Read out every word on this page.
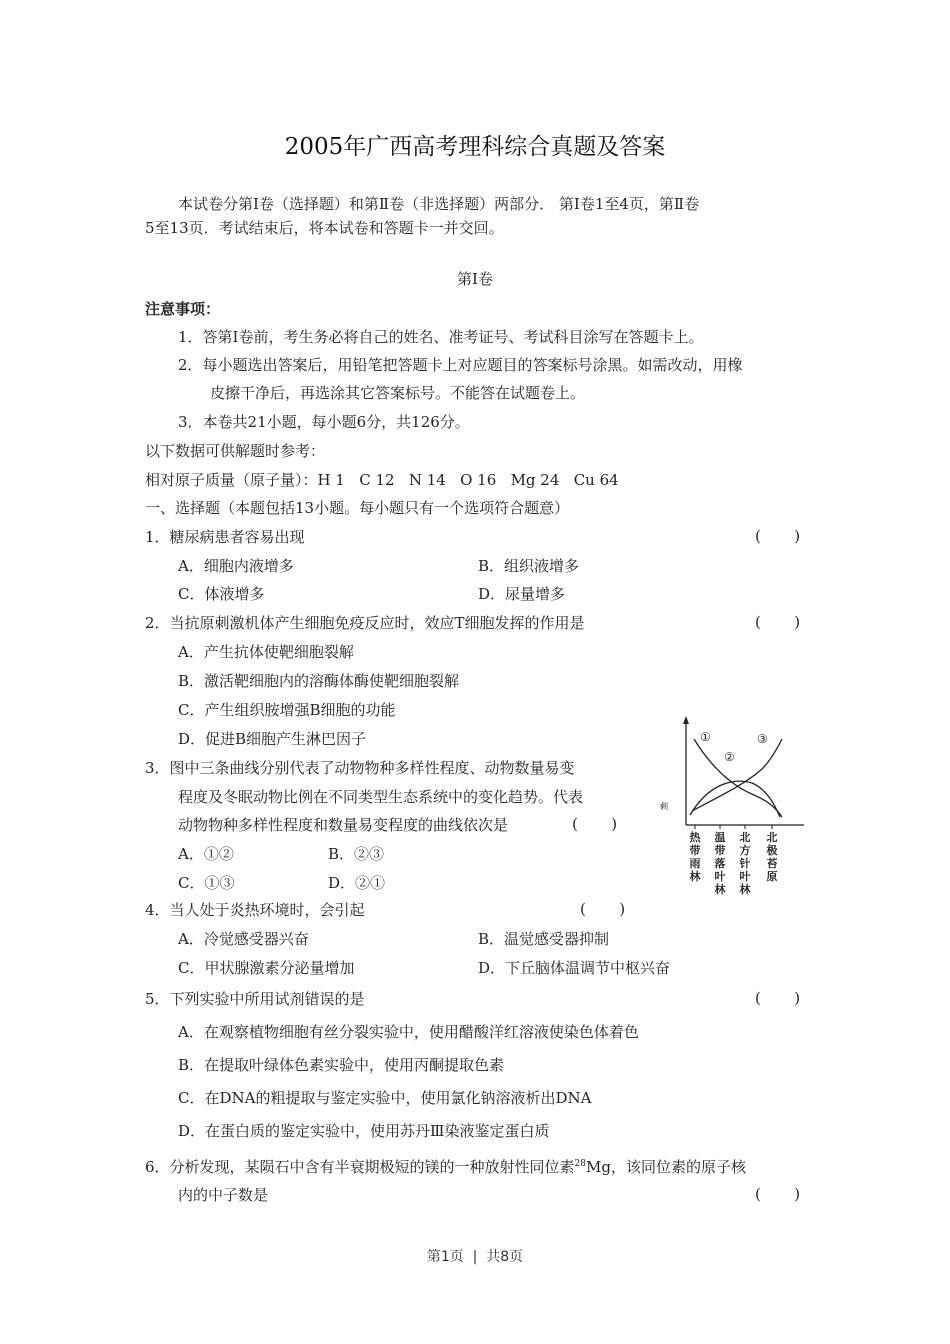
2005年广西高考理科综合真题及答案
本试卷分第Ⅰ卷（选择题）和第Ⅱ卷（非选择题）两部分． 第Ⅰ卷1至4页，第Ⅱ卷
5至13页．考试结束后，将本试卷和答题卡一并交回。
第Ⅰ卷
注意事项：
1．答第Ⅰ卷前，考生务必将自己的姓名、准考证号、考试科目涂写在答题卡上。
2．每小题选出答案后，用铅笔把答题卡上对应题目的答案标号涂黑。如需改动，用橡
皮擦干净后，再选涂其它答案标号。不能答在试题卷上。
3．本卷共21小题，每小题6分，共126分。
以下数据可供解题时参考：
相对原子质量（原子量）：H 1   C 12   N 14   O 16   Mg 24   Cu 64
一、选择题（本题包括13小题。每小题只有一个选项符合题意）
1．糖尿病患者容易出现	(       )
A．细胞内液增多	B．组织液增多
C．体液增多	D．尿量增多
2．当抗原刺激机体产生细胞免疫反应时，效应T细胞发挥的作用是	(       )
A．产生抗体使靶细胞裂解
B．激活靶细胞内的溶酶体酶使靶细胞裂解
C．产生组织胺增强B细胞的功能
D．促进B细胞产生淋巴因子
3．图中三条曲线分别代表了动物物种多样性程度、动物数量易变
程度及冬眠动物比例在不同类型生态系统中的变化趋势。代表
动物物种多样性程度和数量易变程度的曲线依次是	(       )
A．①②	B．②③
C．①③	D．②①
剩
①
②
③
热
带
雨
林
温
带
落
叶
林
北
方
针
叶
林
北
极
苔
原
4．当人处于炎热环境时，会引起	(       )
A．冷觉感受器兴奋	B．温觉感受器抑制
C．甲状腺激素分泌量增加	D．下丘脑体温调节中枢兴奋
5．下列实验中所用试剂错误的是	(       )
A．在观察植物细胞有丝分裂实验中，使用醋酸洋红溶液使染色体着色
B．在提取叶绿体色素实验中，使用丙酮提取色素
C．在DNA的粗提取与鉴定实验中，使用氯化钠溶液析出DNA
D．在蛋白质的鉴定实验中，使用苏丹Ⅲ染液鉴定蛋白质
6．分析发现，某陨石中含有半衰期极短的镁的一种放射性同位素$^{28}$Mg，该同位素的原子核
内的中子数是	(       )
第1页  |  共8页
